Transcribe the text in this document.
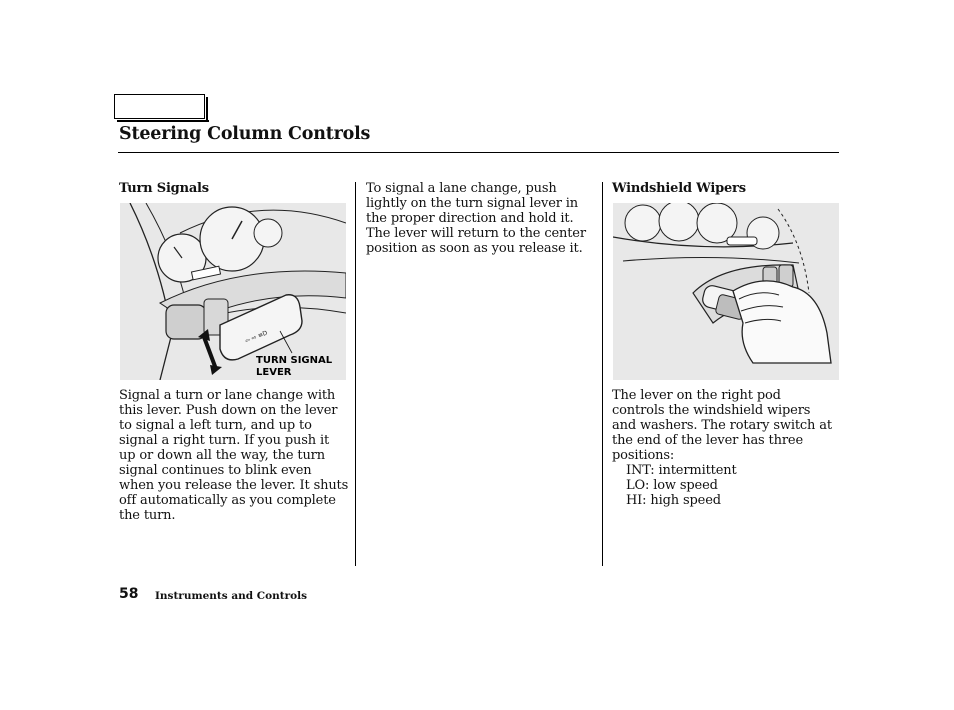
Steering Column Controls
Turn Signals
⇦ ⇨ ≡D
TURN SIGNAL
LEVER
Signal a turn or lane change with this lever. Push down on the lever to signal a left turn, and up to signal a right turn. If you push it up or down all the way, the turn signal continues to blink even when you release the lever. It shuts off automatically as you complete the turn.
To signal a lane change, push lightly on the turn signal lever in the proper direction and hold it. The lever will return to the center position as soon as you release it.
Windshield Wipers
The lever on the right pod controls the windshield wipers and washers. The rotary switch at the end of the lever has three positions:
INT: intermittent
LO: low speed
HI: high speed
58 Instruments and Controls
